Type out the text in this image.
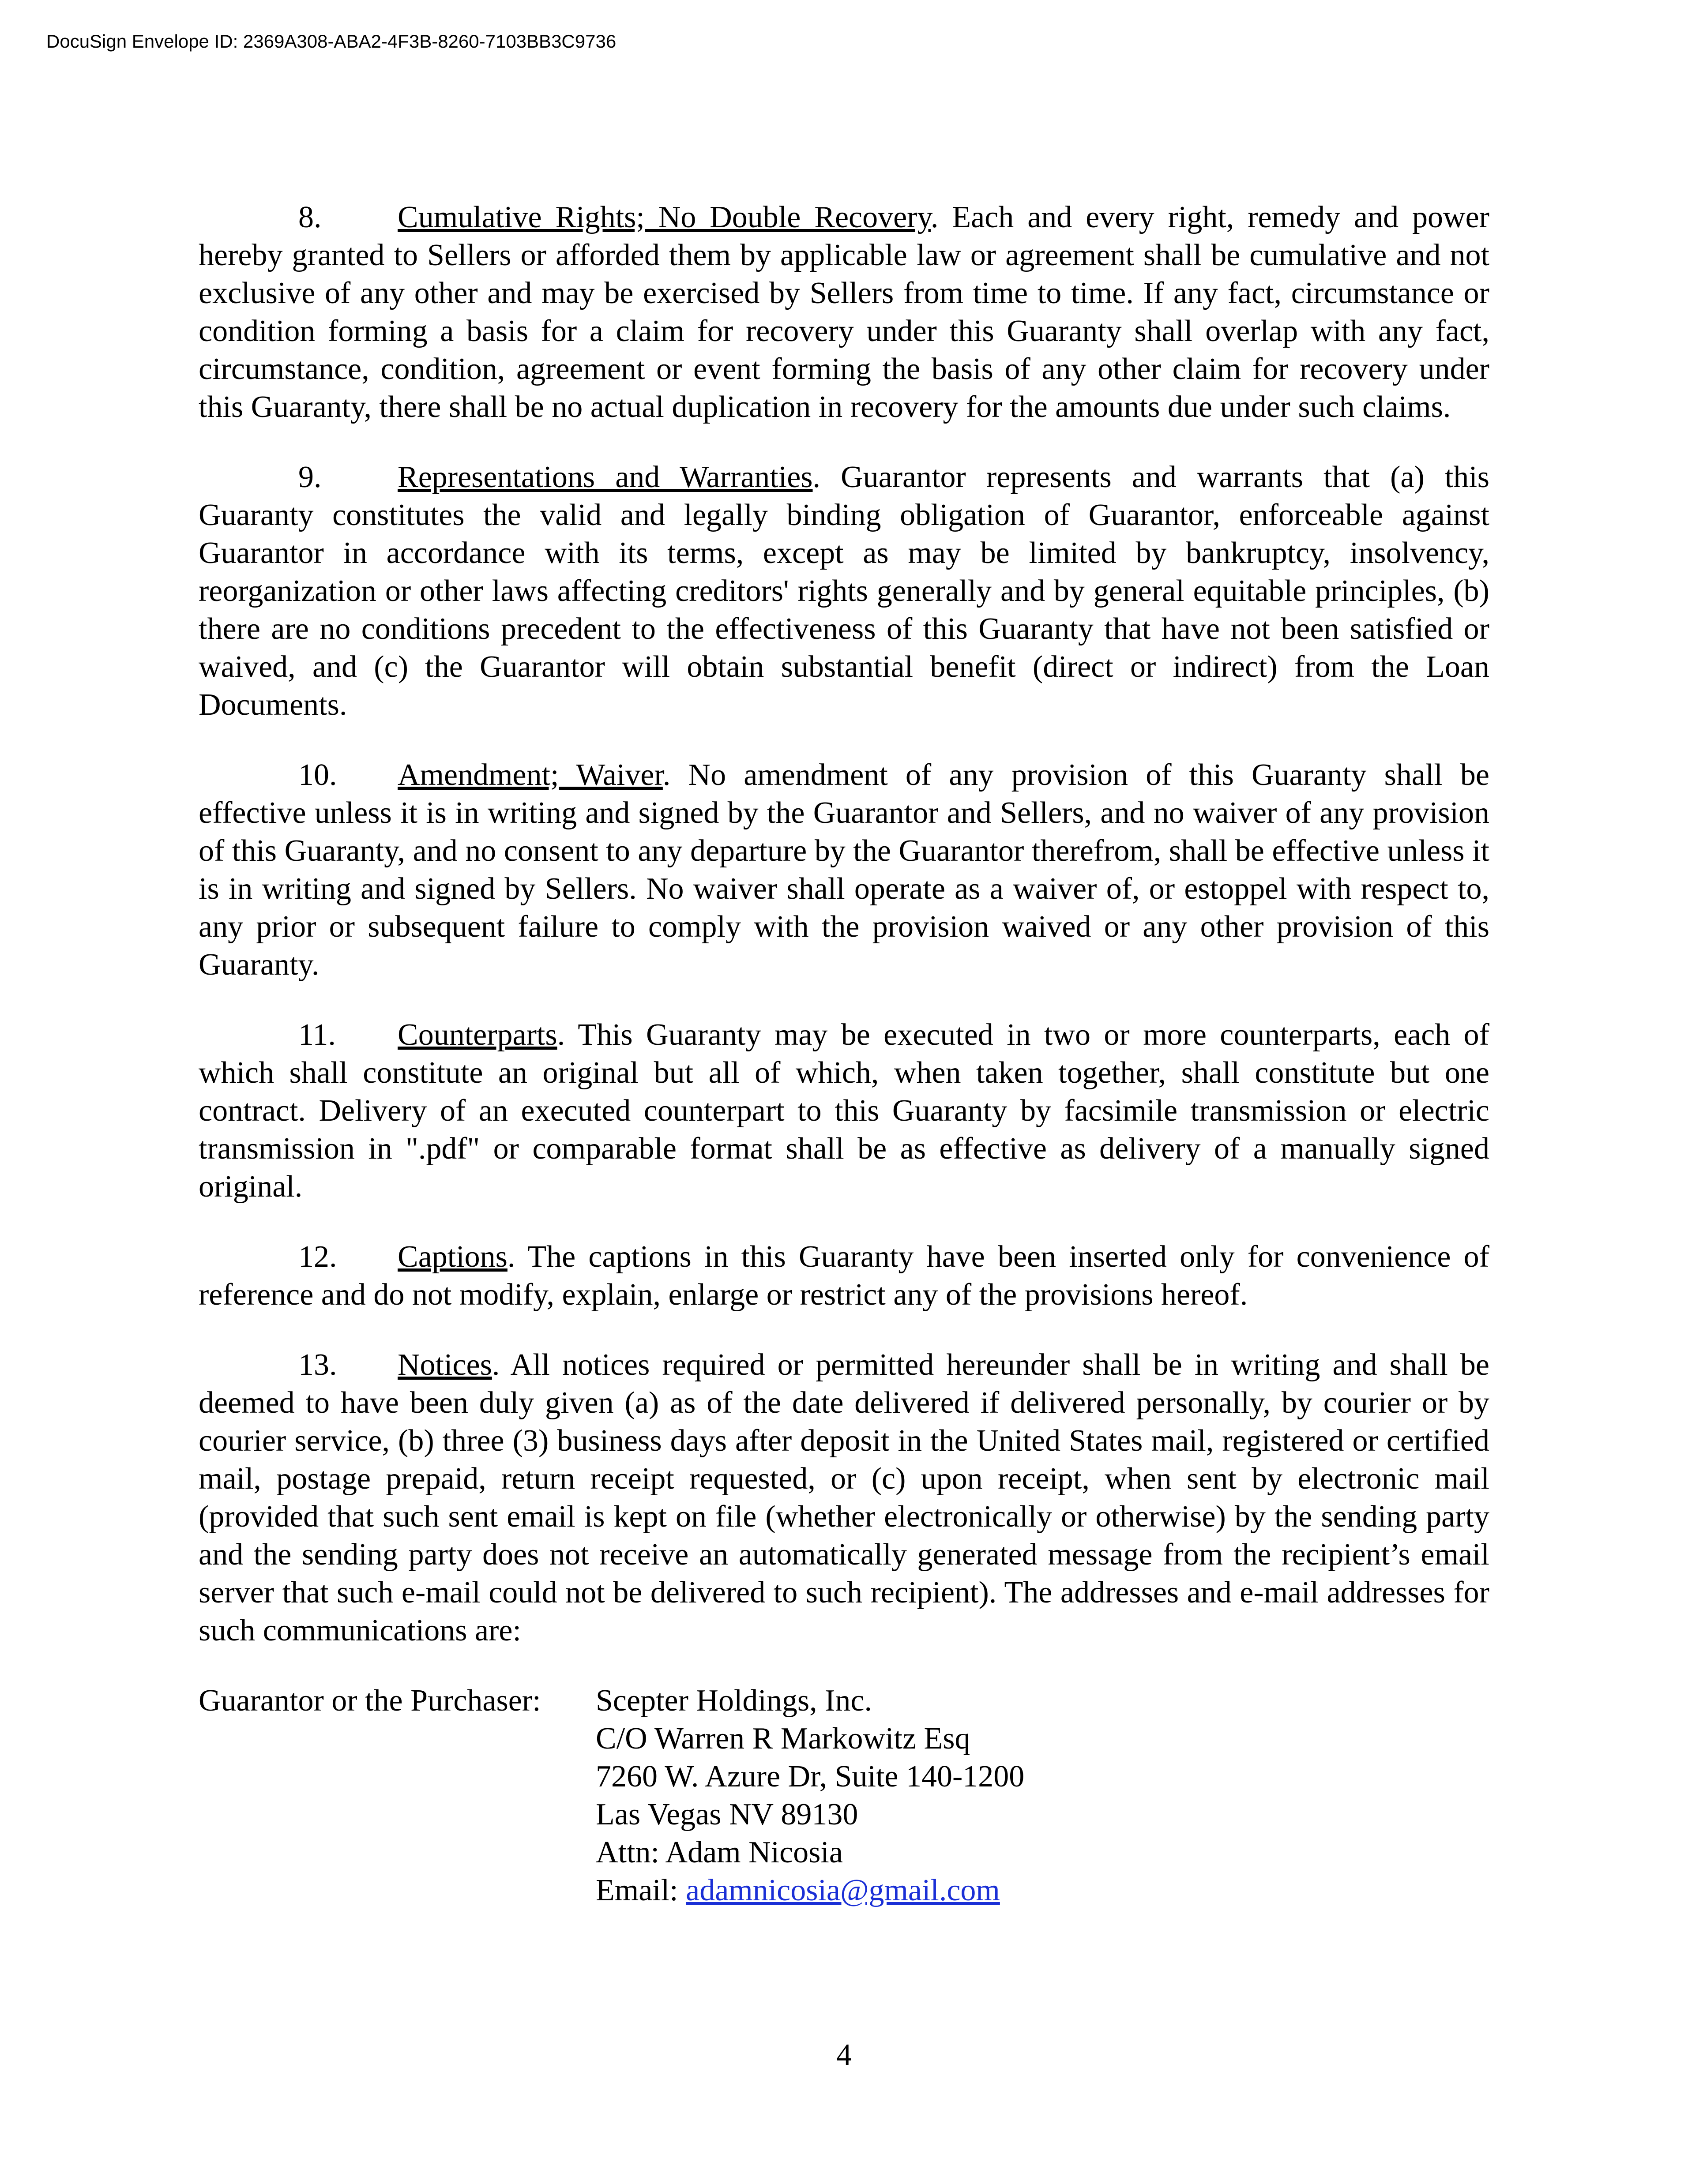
DocuSign Envelope ID: 2369A308-ABA2-4F3B-8260-7103BB3C9736

8. Cumulative Rights; No Double Recovery. Each and every right, remedy and power hereby granted to Sellers or afforded them by applicable law or agreement shall be cumulative and not exclusive of any other and may be exercised by Sellers from time to time. If any fact, circumstance or condition forming a basis for a claim for recovery under this Guaranty shall overlap with any fact, circumstance, condition, agreement or event forming the basis of any other claim for recovery under this Guaranty, there shall be no actual duplication in recovery for the amounts due under such claims.

9. Representations and Warranties. Guarantor represents and warrants that (a) this Guaranty constitutes the valid and legally binding obligation of Guarantor, enforceable against Guarantor in accordance with its terms, except as may be limited by bankruptcy, insolvency, reorganization or other laws affecting creditors' rights generally and by general equitable principles, (b) there are no conditions precedent to the effectiveness of this Guaranty that have not been satisfied or waived, and (c) the Guarantor will obtain substantial benefit (direct or indirect) from the Loan Documents.

10. Amendment; Waiver. No amendment of any provision of this Guaranty shall be effective unless it is in writing and signed by the Guarantor and Sellers, and no waiver of any provision of this Guaranty, and no consent to any departure by the Guarantor therefrom, shall be effective unless it is in writing and signed by Sellers. No waiver shall operate as a waiver of, or estoppel with respect to, any prior or subsequent failure to comply with the provision waived or any other provision of this Guaranty.

11. Counterparts. This Guaranty may be executed in two or more counterparts, each of which shall constitute an original but all of which, when taken together, shall constitute but one contract. Delivery of an executed counterpart to this Guaranty by facsimile transmission or electric transmission in ".pdf" or comparable format shall be as effective as delivery of a manually signed original.

12. Captions. The captions in this Guaranty have been inserted only for convenience of reference and do not modify, explain, enlarge or restrict any of the provisions hereof.

13. Notices. All notices required or permitted hereunder shall be in writing and shall be deemed to have been duly given (a) as of the date delivered if delivered personally, by courier or by courier service, (b) three (3) business days after deposit in the United States mail, registered or certified mail, postage prepaid, return receipt requested, or (c) upon receipt, when sent by electronic mail (provided that such sent email is kept on file (whether electronically or otherwise) by the sending party and the sending party does not receive an automatically generated message from the recipient’s email server that such e-mail could not be delivered to such recipient). The addresses and e-mail addresses for such communications are:

Guarantor or the Purchaser:	Scepter Holdings, Inc.
C/O Warren R Markowitz Esq
7260 W. Azure Dr, Suite 140-1200
Las Vegas NV 89130
Attn: Adam Nicosia
Email: adamnicosia@gmail.com
4
